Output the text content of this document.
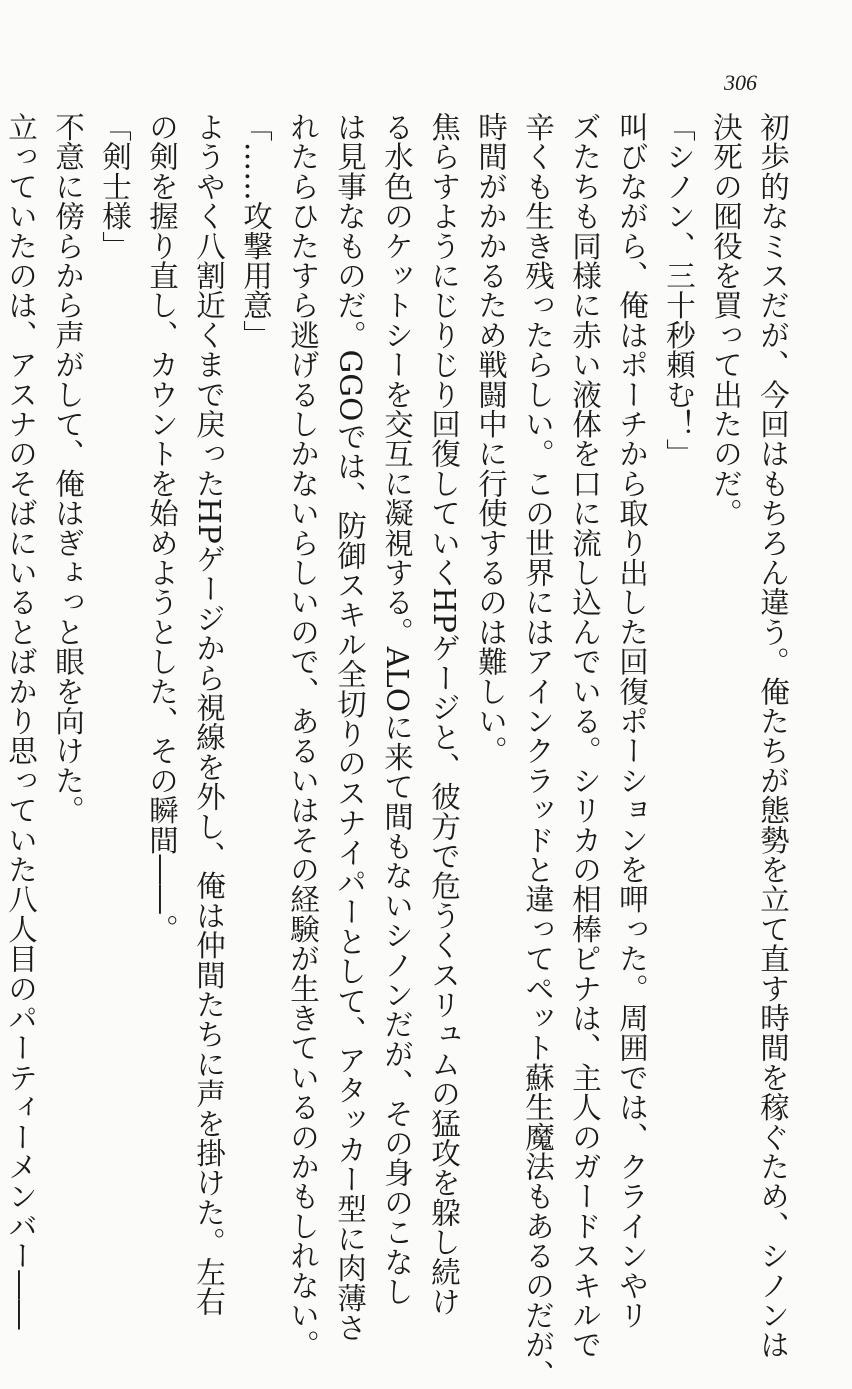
306
初歩的なミスだが、今回はもちろん違う。俺たちが態勢を立て直す時間を稼ぐため、シノンは
決死の囮役を買って出たのだ。
「シノン、三十秒頼む！」
叫びながら、俺はポーチから取り出した回復ポーションを呷った。周囲では、クラインやリ
ズたちも同様に赤い液体を口に流し込んでいる。シリカの相棒ピナは、主人のガードスキルで
辛くも生き残ったらしい。この世界にはアインクラッドと違ってペット蘇生魔法もあるのだが、
時間がかかるため戦闘中に行使するのは難しい。
焦らすようにじりじり回復していくHPゲージと、彼方で危うくスリュムの猛攻を躱し続け
る水色のケットシーを交互に凝視する。ALOに来て間もないシノンだが、その身のこなし
は見事なものだ。GGOでは、防御スキル全切りのスナイパーとして、アタッカー型に肉薄さ
れたらひたすら逃げるしかないらしいので、あるいはその経験が生きているのかもしれない。
「……攻撃用意」
ようやく八割近くまで戻ったHPゲージから視線を外し、俺は仲間たちに声を掛けた。左右
の剣を握り直し、カウントを始めようとした、その瞬間――。
「剣士様」
不意に傍らから声がして、俺はぎょっと眼を向けた。
立っていたのは、アスナのそばにいるとばかり思っていた八人目のパーティーメンバー――
